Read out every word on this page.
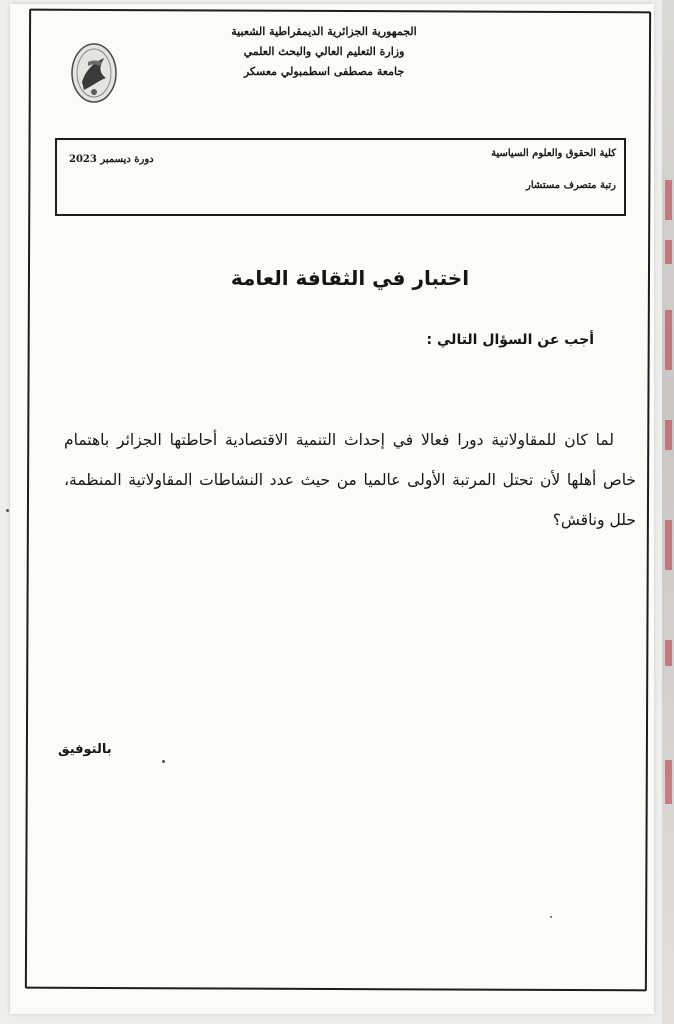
الجمهورية الجزائرية الديمقراطية الشعبية
وزارة التعليم العالي والبحث العلمي
جامعة مصطفى اسطمبولي معسكر
كلية الحقوق والعلوم السياسية
رتبة متصرف مستشار
دورة ديسمبر 2023
اختبار في الثقافة العامة
أجب عن السؤال التالي :

لما كان للمقاولاتية دورا فعالا في إحداث التنمية الاقتصادية أحاطتها الجزائر باهتمام خاص أهلها لأن تحتل المرتبة الأولى عالميا من حيث عدد النشاطات المقاولاتية المنظمة، حلل وناقش؟

بالتوفيق
